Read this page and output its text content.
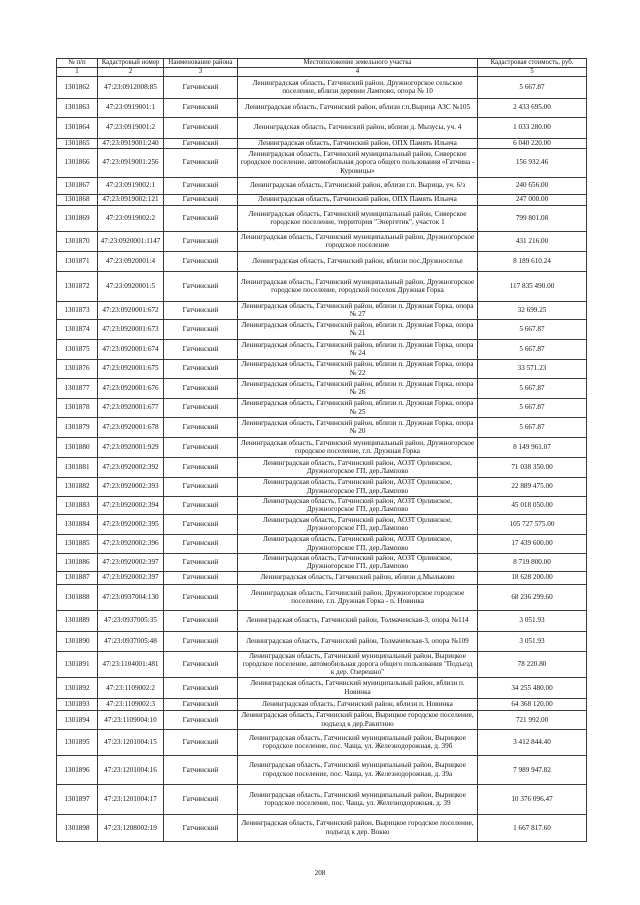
№ п/п	Кадастровый номер	Наименование района	Местоположение земельного участка	Кадастровая стоимость, руб.
1	2	3	4	5
1301862	47:23:0912008:85	Гатчинский	Ленинградская область, Гатчинский район, Дружногорское сельское поселение, вблизи деревни Лампово, опора № 10	5 667.87
1301863	47:23:0919001:1	Гатчинский	Ленинградская область, Гатчинский район, вблизи г.п.Вырица АЗС №105	2 433 695.00
1301864	47:23:0919001:2	Гатчинский	Ленинградская область, Гатчинский район, вблизи д. Мызусы, уч. 4	1 033 280.00
1301865	47:23:0919001:240	Гатчинский	Ленинградская область, Гатчинский район, ОПХ Память Ильича	6 040 220.00
1301866	47:23:0919001:256	Гатчинский	Ленинградская область, Гатчинский муниципальный район, Сиверское городское поселение, автомобильная дорога общего пользования «Гатчина - Куровицы»	156 932.46
1301867	47:23:0919002:1	Гатчинский	Ленинградская область, Гатчинский район, вблизи г.п. Вырица, уч. 6/з	240 656.00
1301868	47:23:0919002:121	Гатчинский	Ленинградская область, Гатчинский район, ОПХ Память Ильича	247 000.00
1301869	47:23:0919002:2	Гатчинский	Ленинградская область, Гатчинский муниципальный район, Сиверское городское поселение, территория "Энергетик", участок 1	799 801.08
1301870	47:23:0920001:1147	Гатчинский	Ленинградская область, Гатчинский муниципальный район, Дружногорское городское поселение	431 216.00
1301871	47:23:0920001:4	Гатчинский	Ленинградская область, Гатчинский район, вблизи пос.Дружноселье	8 189 610.24
1301872	47:23:0920001:5	Гатчинский	Ленинградская область, Гатчинский муниципальный район, Дружногорское городское поселение, городской поселок Дружная Горка	117 835 490.00
1301873	47:23:0920001:672	Гатчинский	Ленинградская область, Гатчинский район, вблизи п. Дружная Горка, опора № 27	32 699.25
1301874	47:23:0920001:673	Гатчинский	Ленинградская область, Гатчинский район, вблизи п. Дружная Горка, опора № 21	5 667.87
1301875	47:23:0920001:674	Гатчинский	Ленинградская область, Гатчинский район, вблизи п. Дружная Горка, опора № 24	5 667.87
1301876	47:23:0920001:675	Гатчинский	Ленинградская область, Гатчинский район, вблизи п. Дружная Горка, опора № 22	33 571.23
1301877	47:23:0920001:676	Гатчинский	Ленинградская область, Гатчинский район, вблизи п. Дружная Горка, опора № 26	5 667.87
1301878	47:23:0920001:677	Гатчинский	Ленинградская область, Гатчинский район, вблизи п. Дружная Горка, опора № 25	5 667.87
1301879	47:23:0920001:678	Гатчинский	Ленинградская область, Гатчинский район, вблизи п. Дружная Горка, опора № 20	5 667.87
1301880	47:23:0920001:929	Гатчинский	Ленинградская область, Гатчинский муниципальный район, Дружногорское городское поселение, г.п. Дружная Горка	8 149 961.07
1301881	47:23:0920002:392	Гатчинский	Ленинградская область, Гатчинский район, АОЗТ Орлинское, Дружногорское ГП, дер.Лампово	71 038 350.00
1301882	47:23:0920002:393	Гатчинский	Ленинградская область, Гатчинский район, АОЗТ Орлинское, Дружногорское ГП, дер.Лампово	22 889 475.00
1301883	47:23:0920002:394	Гатчинский	Ленинградская область, Гатчинский район, АОЗТ Орлинское, Дружногорское ГП, дер.Лампово	45 018 050.00
1301884	47:23:0920002:395	Гатчинский	Ленинградская область, Гатчинский район, АОЗТ Орлинское, Дружногорское ГП, дер.Лампово	105 727 575.00
1301885	47:23:0920002:396	Гатчинский	Ленинградская область, Гатчинский район, АОЗТ Орлинское, Дружногорское ГП, дер.Лампово	17 439 600.00
1301886	47:23:0920002:397	Гатчинский	Ленинградская область, Гатчинский район, АОЗТ Орлинское, Дружногорское ГП, дер.Лампово	8 719 800.00
1301887	47:23:0920002:397	Гатчинский	Ленинградская область, Гатчинский район, вблизи д.Мыльково	18 628 200.00
1301888	47:23:0937004:130	Гатчинский	Ленинградская область, Гатчинский район, Дружногорское городское поселение, г.п. Дружная Горка - п. Новинка	68 236 299.60
1301889	47:23:0937005:35	Гатчинский	Ленинградская область, Гатчинский район, Толмачевская-3, опора №114	3 051.93
1301890	47:23:0937005:48	Гатчинский	Ленинградская область, Гатчинский район, Толмачевская-3, опора №109	3 051.93
1301891	47:23:1104001:481	Гатчинский	Ленинградская область, Гатчинский муниципальный район, Вырицкое городское поселение, автомобильная дорога общего пользования "Подъезд к дер. Озерешно"	78 220.80
1301892	47:23:1109002:2	Гатчинский	Ленинградская область, Гатчинский муниципальный район, вблизи п. Новинка	34 255 480.00
1301893	47:23:1109002:3	Гатчинский	Ленинградская область, Гатчинский район, вблизи п. Новинка	64 368 120.00
1301894	47:23:1109004:10	Гатчинский	Ленинградская область, Гатчинский район, Вырицкое городское поселение, подъезд к дер.Ракитино	721 992.00
1301895	47:23:1201004:15	Гатчинский	Ленинградская область, Гатчинский муниципальный район, Вырицкое городское поселение, пос. Чаща, ул. Железнодорожная, д. 39б	3 412 844.40
1301896	47:23:1201004:16	Гатчинский	Ленинградская область, Гатчинский муниципальный район, Вырицкое городское поселение, пос. Чаща, ул. Железнодорожная, д. 39а	7 989 947.82
1301897	47:23:1201004:17	Гатчинский	Ленинградская область, Гатчинский муниципальный район, Вырицкое городское поселение, пос. Чаща, ул. Железнодорожная, д. 39	10 376 096.47
1301898	47:23:1208002:19	Гатчинский	Ленинградская область, Гатчинский район, Вырицкое городское поселение, подъезд к дер. Вокко	1 667 817.60
208
